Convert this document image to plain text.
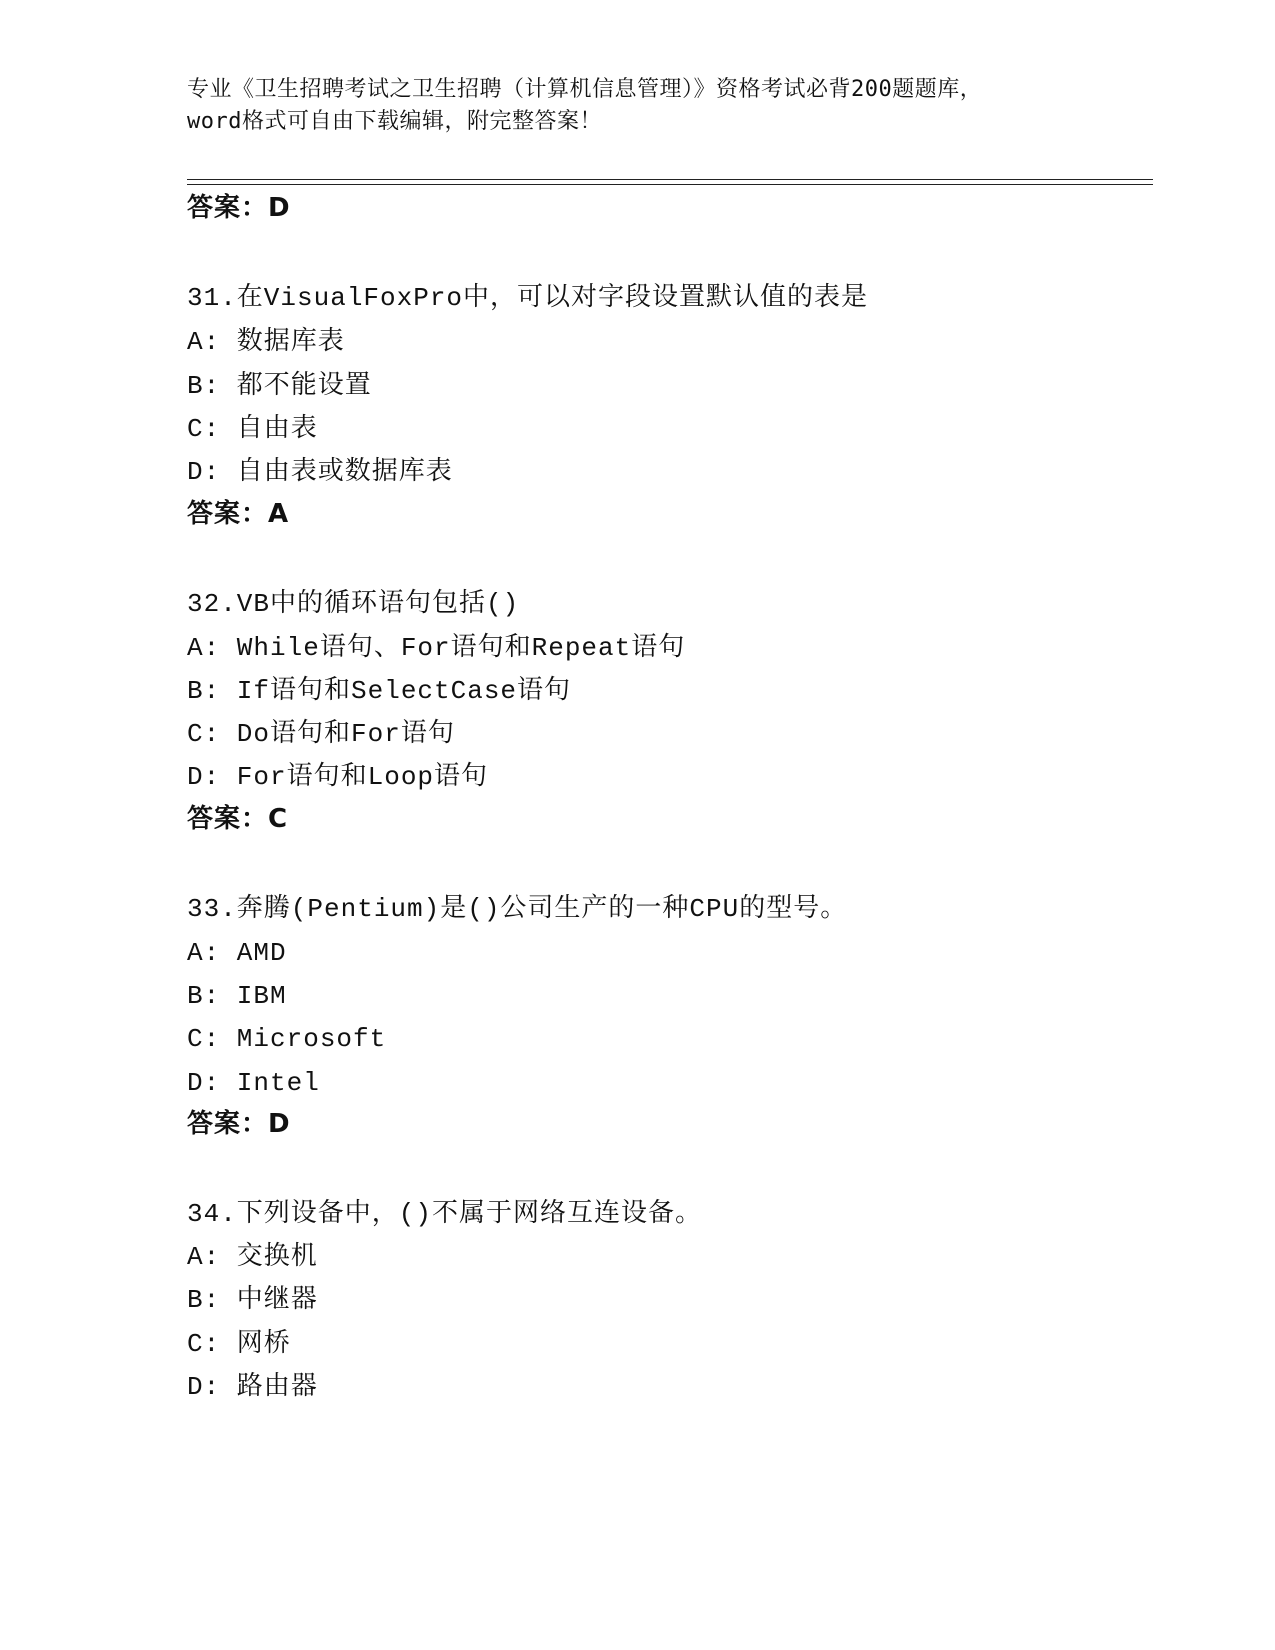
专业《卫生招聘考试之卫生招聘（计算机信息管理）》资格考试必背200题题库，
word格式可自由下载编辑，附完整答案！
答案：D
31.在VisualFoxPro中，可以对字段设置默认值的表是
A: 数据库表
B: 都不能设置
C: 自由表
D: 自由表或数据库表
答案：A
32.VB中的循环语句包括()
A: While语句、For语句和Repeat语句
B: If语句和SelectCase语句
C: Do语句和For语句
D: For语句和Loop语句
答案：C
33.奔腾(Pentium)是()公司生产的一种CPU的型号。
A: AMD
B: IBM
C: Microsoft
D: Intel
答案：D
34.下列设备中，()不属于网络互连设备。
A: 交换机
B: 中继器
C: 网桥
D: 路由器
